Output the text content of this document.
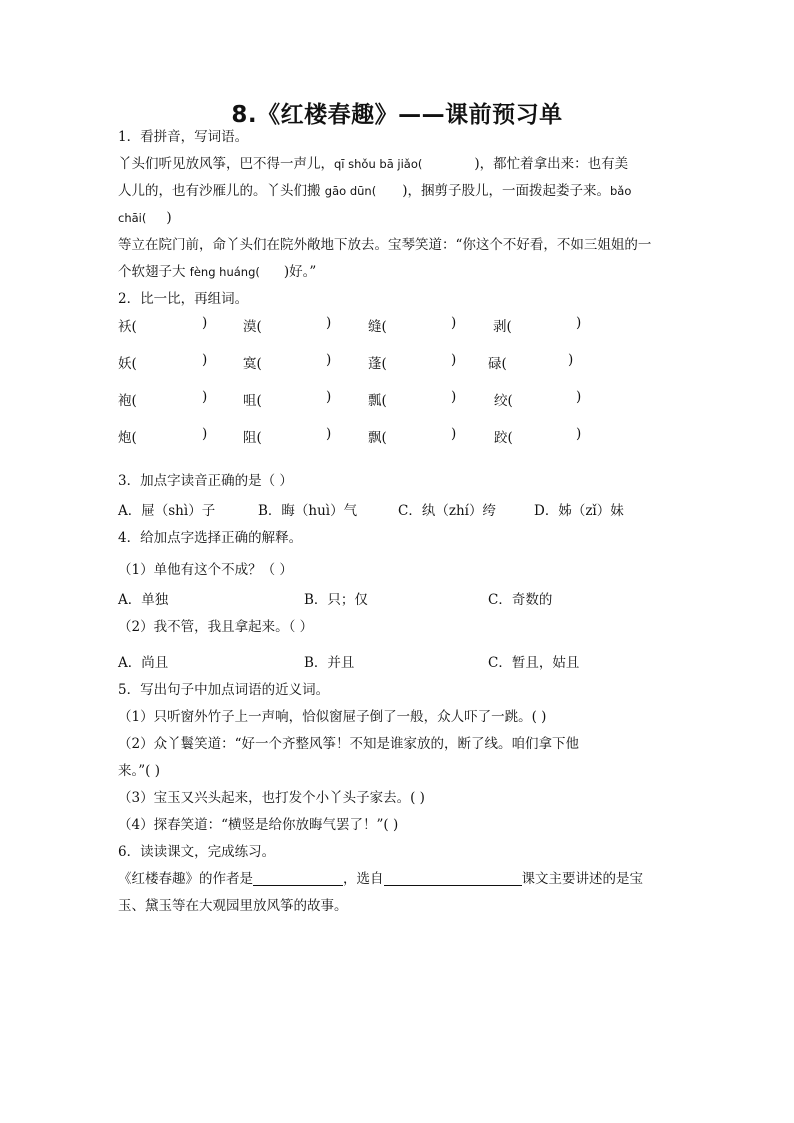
8.《红楼春趣》——课前预习单
1．看拼音，写词语。
丫头们听见放风筝，巴不得一声儿，qī shǒu bā jiǎo(	)，都忙着拿出来：也有美
人儿的，也有沙雁儿的。丫头们搬 gāo dūn( )，捆剪子股儿，一面拨起娄子来。bǎo
chāi( )
等立在院门前，命丫头们在院外敞地下放去。宝琴笑道：“你这个不好看，不如三姐姐的一
个软翅子大 fèng huáng( )好。”
2．比一比，再组词。
袄(	)	漠(	)	缝(	)	剥(	)
妖(	)	寞(	)	蓬(	) 碌(	)
袍(	)	咀(	)	瓢(	)	绞(	)
炮(	)	阻(	)	飘(	)	跤(	)
3．加点字读音正确的是（ ）
A．屉（shì）子	B．晦（huì）气	C．纨（zhí）绔	D．姊（zǐ）妹
4．给加点字选择正确的解释。
（1）单他有这个不成？（ ）
A．单独	B．只；仅	C．奇数的
（2）我不管，我且拿起来。（ ）
A．尚且	B．并且	C．暂且，姑且
5．写出句子中加点词语的近义词。
（1）只听窗外竹子上一声响，恰似窗屉子倒了一般，众人吓了一跳。( )
（2）众丫鬟笑道：“好一个齐整风筝！不知是谁家放的，断了线。咱们拿下他
来。”( )
（3）宝玉又兴头起来，也打发个小丫头子家去。( )
（4）探春笑道：“横竖是给你放晦气罢了！”( )
6．读读课文，完成练习。
《红楼春趣》的作者是	，选自	课文主要讲述的是宝
玉、黛玉等在大观园里放风筝的故事。
